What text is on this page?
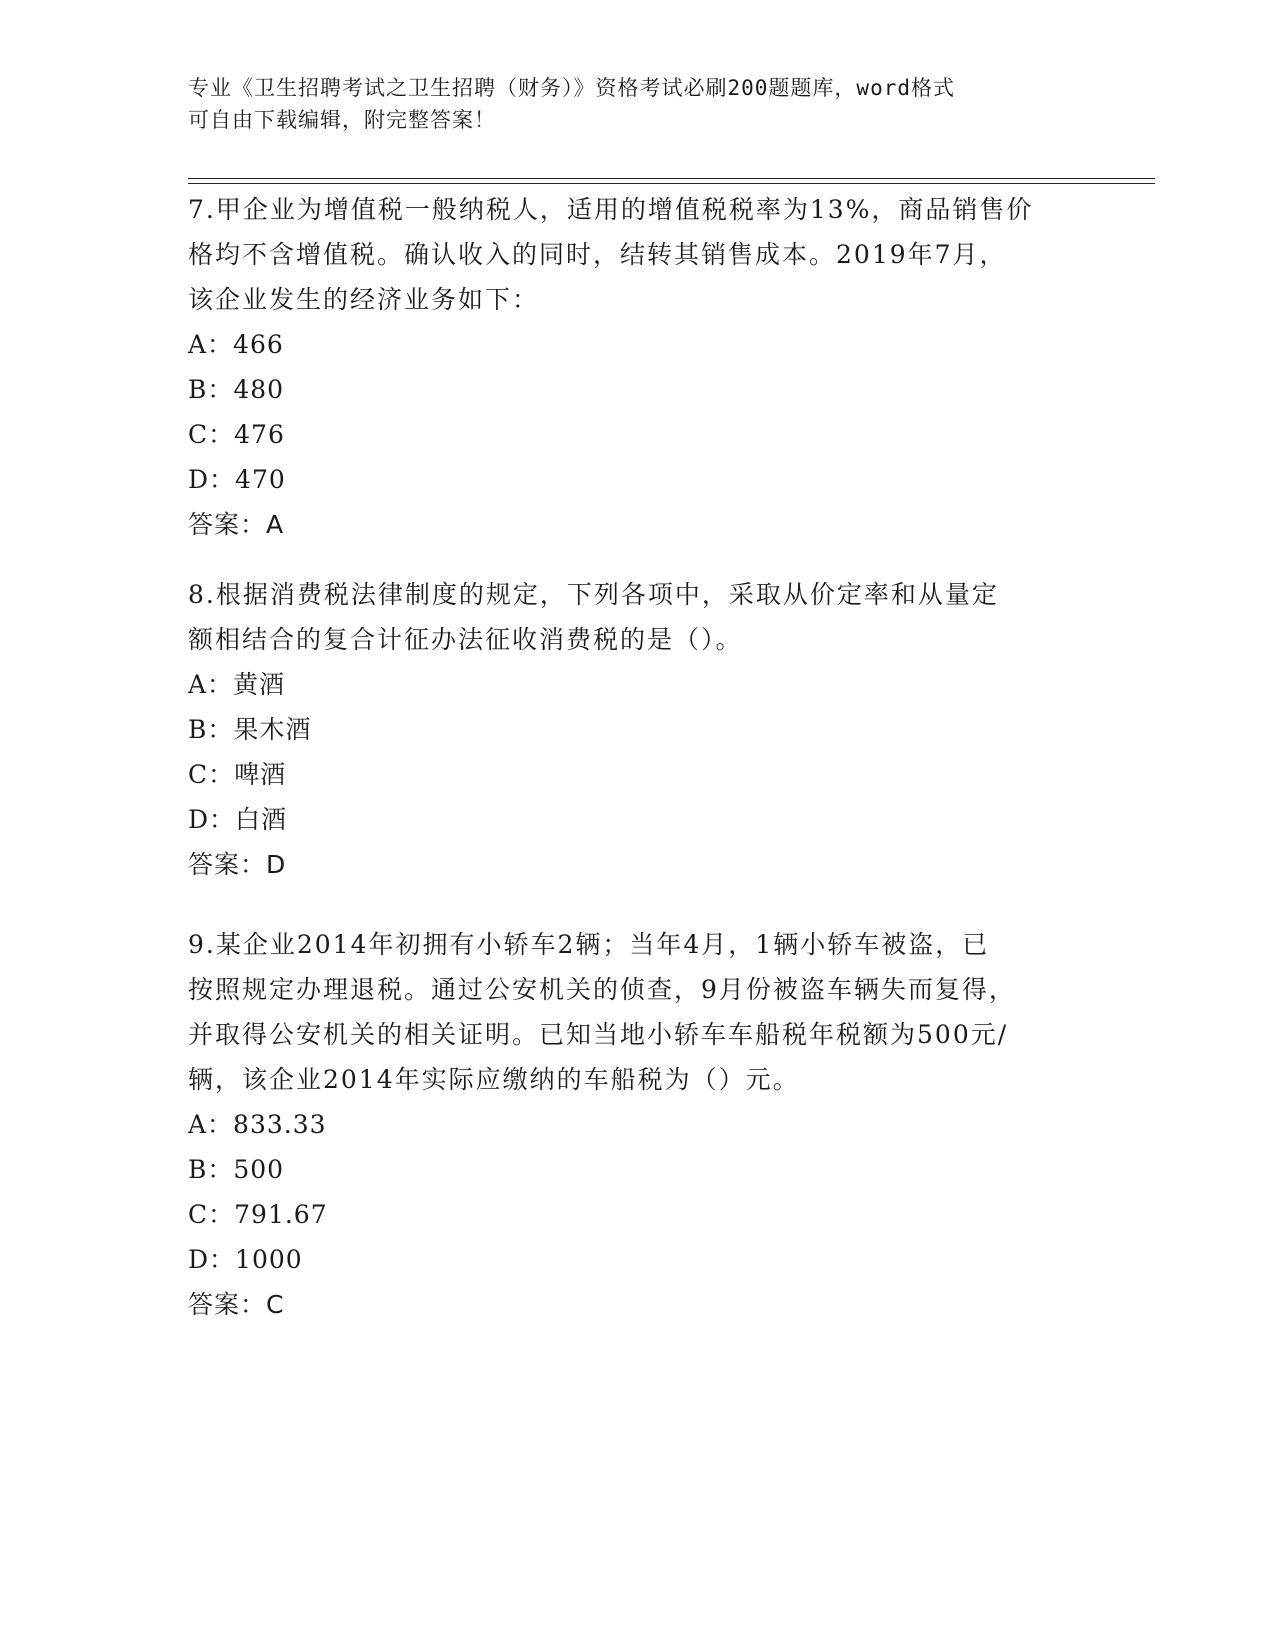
专业《卫生招聘考试之卫生招聘（财务）》资格考试必刷200题题库，word格式
可自由下载编辑，附完整答案！

7.甲企业为增值税一般纳税人，适用的增值税税率为13%，商品销售价

格均不含增值税。确认收入的同时，结转其销售成本。2019年7月，

该企业发生的经济业务如下：

A：466

B：480

C：476

D：470

答案：A

8.根据消费税法律制度的规定，下列各项中，采取从价定率和从量定

额相结合的复合计征办法征收消费税的是（）。

A：黄酒

B：果木酒

C：啤酒

D：白酒

答案：D

9.某企业2014年初拥有小轿车2辆；当年4月，1辆小轿车被盗，已

按照规定办理退税。通过公安机关的侦查，9月份被盗车辆失而复得，

并取得公安机关的相关证明。已知当地小轿车车船税年税额为500元/

辆，该企业2014年实际应缴纳的车船税为（）元。

A：833.33

B：500

C：791.67

D：1000

答案：C
